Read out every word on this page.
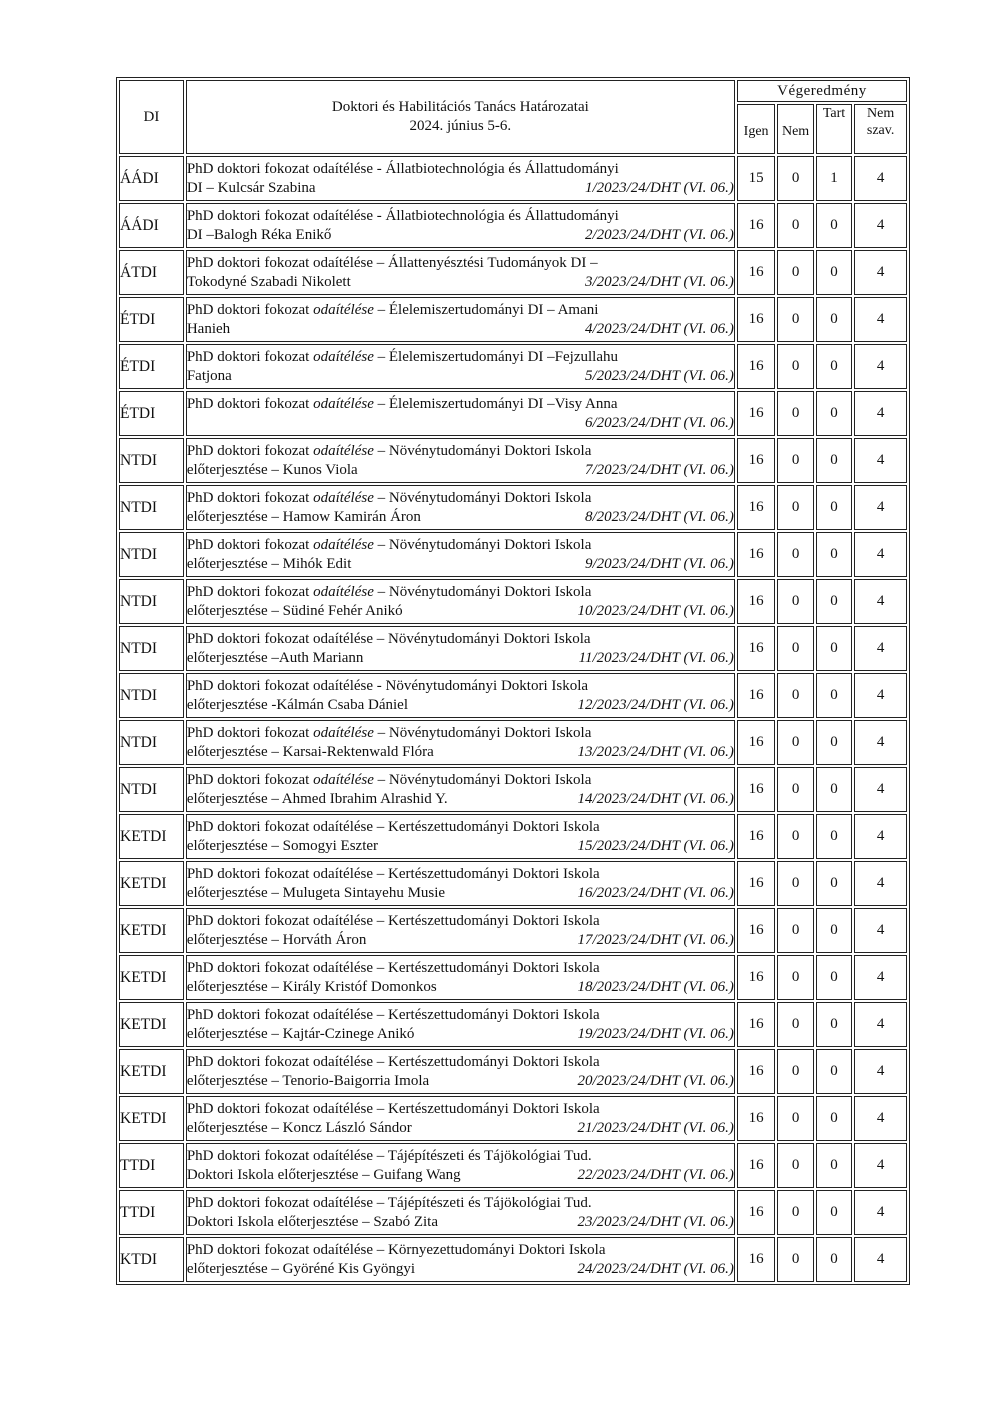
DI	Doktori és Habilitációs Tanács Határozatai
2024. június 5-6.	Végeredmény			
		Igen	Nem	Tart	Nem
szav.

ÁÁDI	PhD doktori fokozat odaítélése - Állatbiotechnológia és Állattudományi
DI – Kulcsár Szabina 1/2023/24/DHT (VI. 06.)	15	0	1	4
ÁÁDI	PhD doktori fokozat odaítélése - Állatbiotechnológia és Állattudományi
DI –Balogh Réka Enikő 2/2023/24/DHT (VI. 06.)	16	0	0	4
ÁTDI	PhD doktori fokozat odaítélése – Állattenyésztési Tudományok DI –
Tokodyné Szabadi Nikolett 3/2023/24/DHT (VI. 06.)	16	0	0	4
ÉTDI	PhD doktori fokozat odaítélése – Élelemiszertudományi DI – Amani
Hanieh 4/2023/24/DHT (VI. 06.)	16	0	0	4
ÉTDI	PhD doktori fokozat odaítélése – Élelemiszertudományi DI –Fejzullahu
Fatjona 5/2023/24/DHT (VI. 06.)	16	0	0	4
ÉTDI	PhD doktori fokozat odaítélése – Élelemiszertudományi DI –Visy Anna
6/2023/24/DHT (VI. 06.)	16	0	0	4
NTDI	PhD doktori fokozat odaítélése – Növénytudományi Doktori Iskola
előterjesztése – Kunos Viola 7/2023/24/DHT (VI. 06.)	16	0	0	4
NTDI	PhD doktori fokozat odaítélése – Növénytudományi Doktori Iskola
előterjesztése – Hamow Kamirán Áron 8/2023/24/DHT (VI. 06.)	16	0	0	4
NTDI	PhD doktori fokozat odaítélése – Növénytudományi Doktori Iskola
előterjesztése – Mihók Edit 9/2023/24/DHT (VI. 06.)	16	0	0	4
NTDI	PhD doktori fokozat odaítélése – Növénytudományi Doktori Iskola
előterjesztése – Südiné Fehér Anikó 10/2023/24/DHT (VI. 06.)	16	0	0	4
NTDI	PhD doktori fokozat odaítélése – Növénytudományi Doktori Iskola
előterjesztése –Auth Mariann 11/2023/24/DHT (VI. 06.)	16	0	0	4
NTDI	PhD doktori fokozat odaítélése - Növénytudományi Doktori Iskola
előterjesztése -Kálmán Csaba Dániel 12/2023/24/DHT (VI. 06.)	16	0	0	4
NTDI	PhD doktori fokozat odaítélése – Növénytudományi Doktori Iskola
előterjesztése – Karsai-Rektenwald Flóra 13/2023/24/DHT (VI. 06.)	16	0	0	4
NTDI	PhD doktori fokozat odaítélése – Növénytudományi Doktori Iskola
előterjesztése – Ahmed Ibrahim Alrashid Y. 14/2023/24/DHT (VI. 06.)	16	0	0	4
KETDI	PhD doktori fokozat odaítélése – Kertészettudományi Doktori Iskola
előterjesztése – Somogyi Eszter 15/2023/24/DHT (VI. 06.)	16	0	0	4
KETDI	PhD doktori fokozat odaítélése – Kertészettudományi Doktori Iskola
előterjesztése – Mulugeta Sintayehu Musie 16/2023/24/DHT (VI. 06.)	16	0	0	4
KETDI	PhD doktori fokozat odaítélése – Kertészettudományi Doktori Iskola
előterjesztése – Horváth Áron 17/2023/24/DHT (VI. 06.)	16	0	0	4
KETDI	PhD doktori fokozat odaítélése – Kertészettudományi Doktori Iskola
előterjesztése – Király Kristóf Domonkos 18/2023/24/DHT (VI. 06.)	16	0	0	4
KETDI	PhD doktori fokozat odaítélése – Kertészettudományi Doktori Iskola
előterjesztése – Kajtár-Czinege Anikó 19/2023/24/DHT (VI. 06.)	16	0	0	4
KETDI	PhD doktori fokozat odaítélése – Kertészettudományi Doktori Iskola
előterjesztése – Tenorio-Baigorria Imola 20/2023/24/DHT (VI. 06.)	16	0	0	4
KETDI	PhD doktori fokozat odaítélése – Kertészettudományi Doktori Iskola
előterjesztése – Koncz László Sándor 21/2023/24/DHT (VI. 06.)	16	0	0	4
TTDI	PhD doktori fokozat odaítélése – Tájépítészeti és Tájökológiai Tud.
Doktori Iskola előterjesztése – Guifang Wang 22/2023/24/DHT (VI. 06.)	16	0	0	4
TTDI	PhD doktori fokozat odaítélése – Tájépítészeti és Tájökológiai Tud.
Doktori Iskola előterjesztése – Szabó Zita 23/2023/24/DHT (VI. 06.)	16	0	0	4
KTDI	PhD doktori fokozat odaítélése – Környezettudományi Doktori Iskola
előterjesztése – Györéné Kis Gyöngyi 24/2023/24/DHT (VI. 06.)	16	0	0	4
